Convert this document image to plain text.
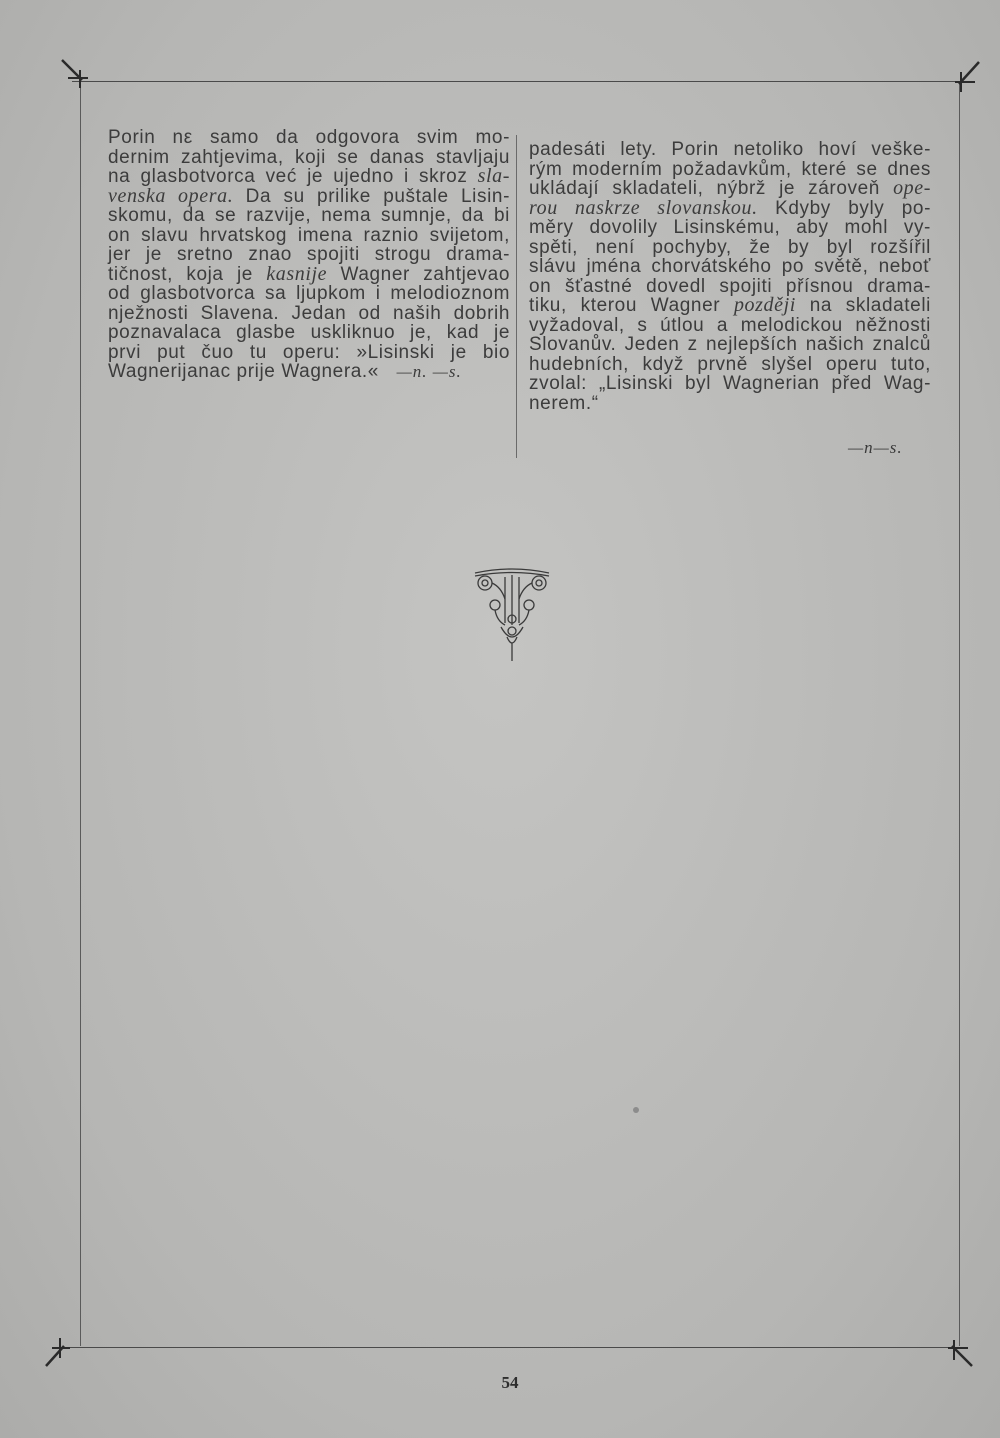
Porin nε samo da odgovora svim mo-
dernim zahtjevima, koji se danas stavljaju
na glasbotvorca već je ujedno i skroz sla-
venska opera. Da su prilike puštale Lisin-
skomu, da se razvije, nema sumnje, da bi
on slavu hrvatskog imena raznio svijetom,
jer je sretno znao spojiti strogu drama-
tičnost, koja je kasnije Wagner zahtjevao
od glasbotvorca sa ljupkom i melodioznom
nježnosti Slavena. Jedan od naših dobrih
poznavalaca glasbe uskliknuo je, kad je
prvi put čuo tu operu: »Lisinski je bio
Wagnerijanac prije Wagnera.« —n. —s.
padesáti lety. Porin netoliko hoví veške-
rým moderním požadavkům, které se dnes
ukládají skladateli, nýbrž je zároveň ope-
rou naskrze slovanskou. Kdyby byly po-
měry dovolily Lisinskému, aby mohl vy-
spěti, není pochyby, že by byl rozšířil
slávu jména chorvátského po světě, neboť
on šťastné dovedl spojiti přísnou drama-
tiku, kterou Wagner později na skladateli
vyžadoval, s útlou a melodickou něžnosti
Slovanův. Jeden z nejlepších našich znalců
hudebních, když prvně slyšel operu tuto,
zvolal: „Lisinski byl Wagnerian před Wag-
nerem.“
—n—s.
54
